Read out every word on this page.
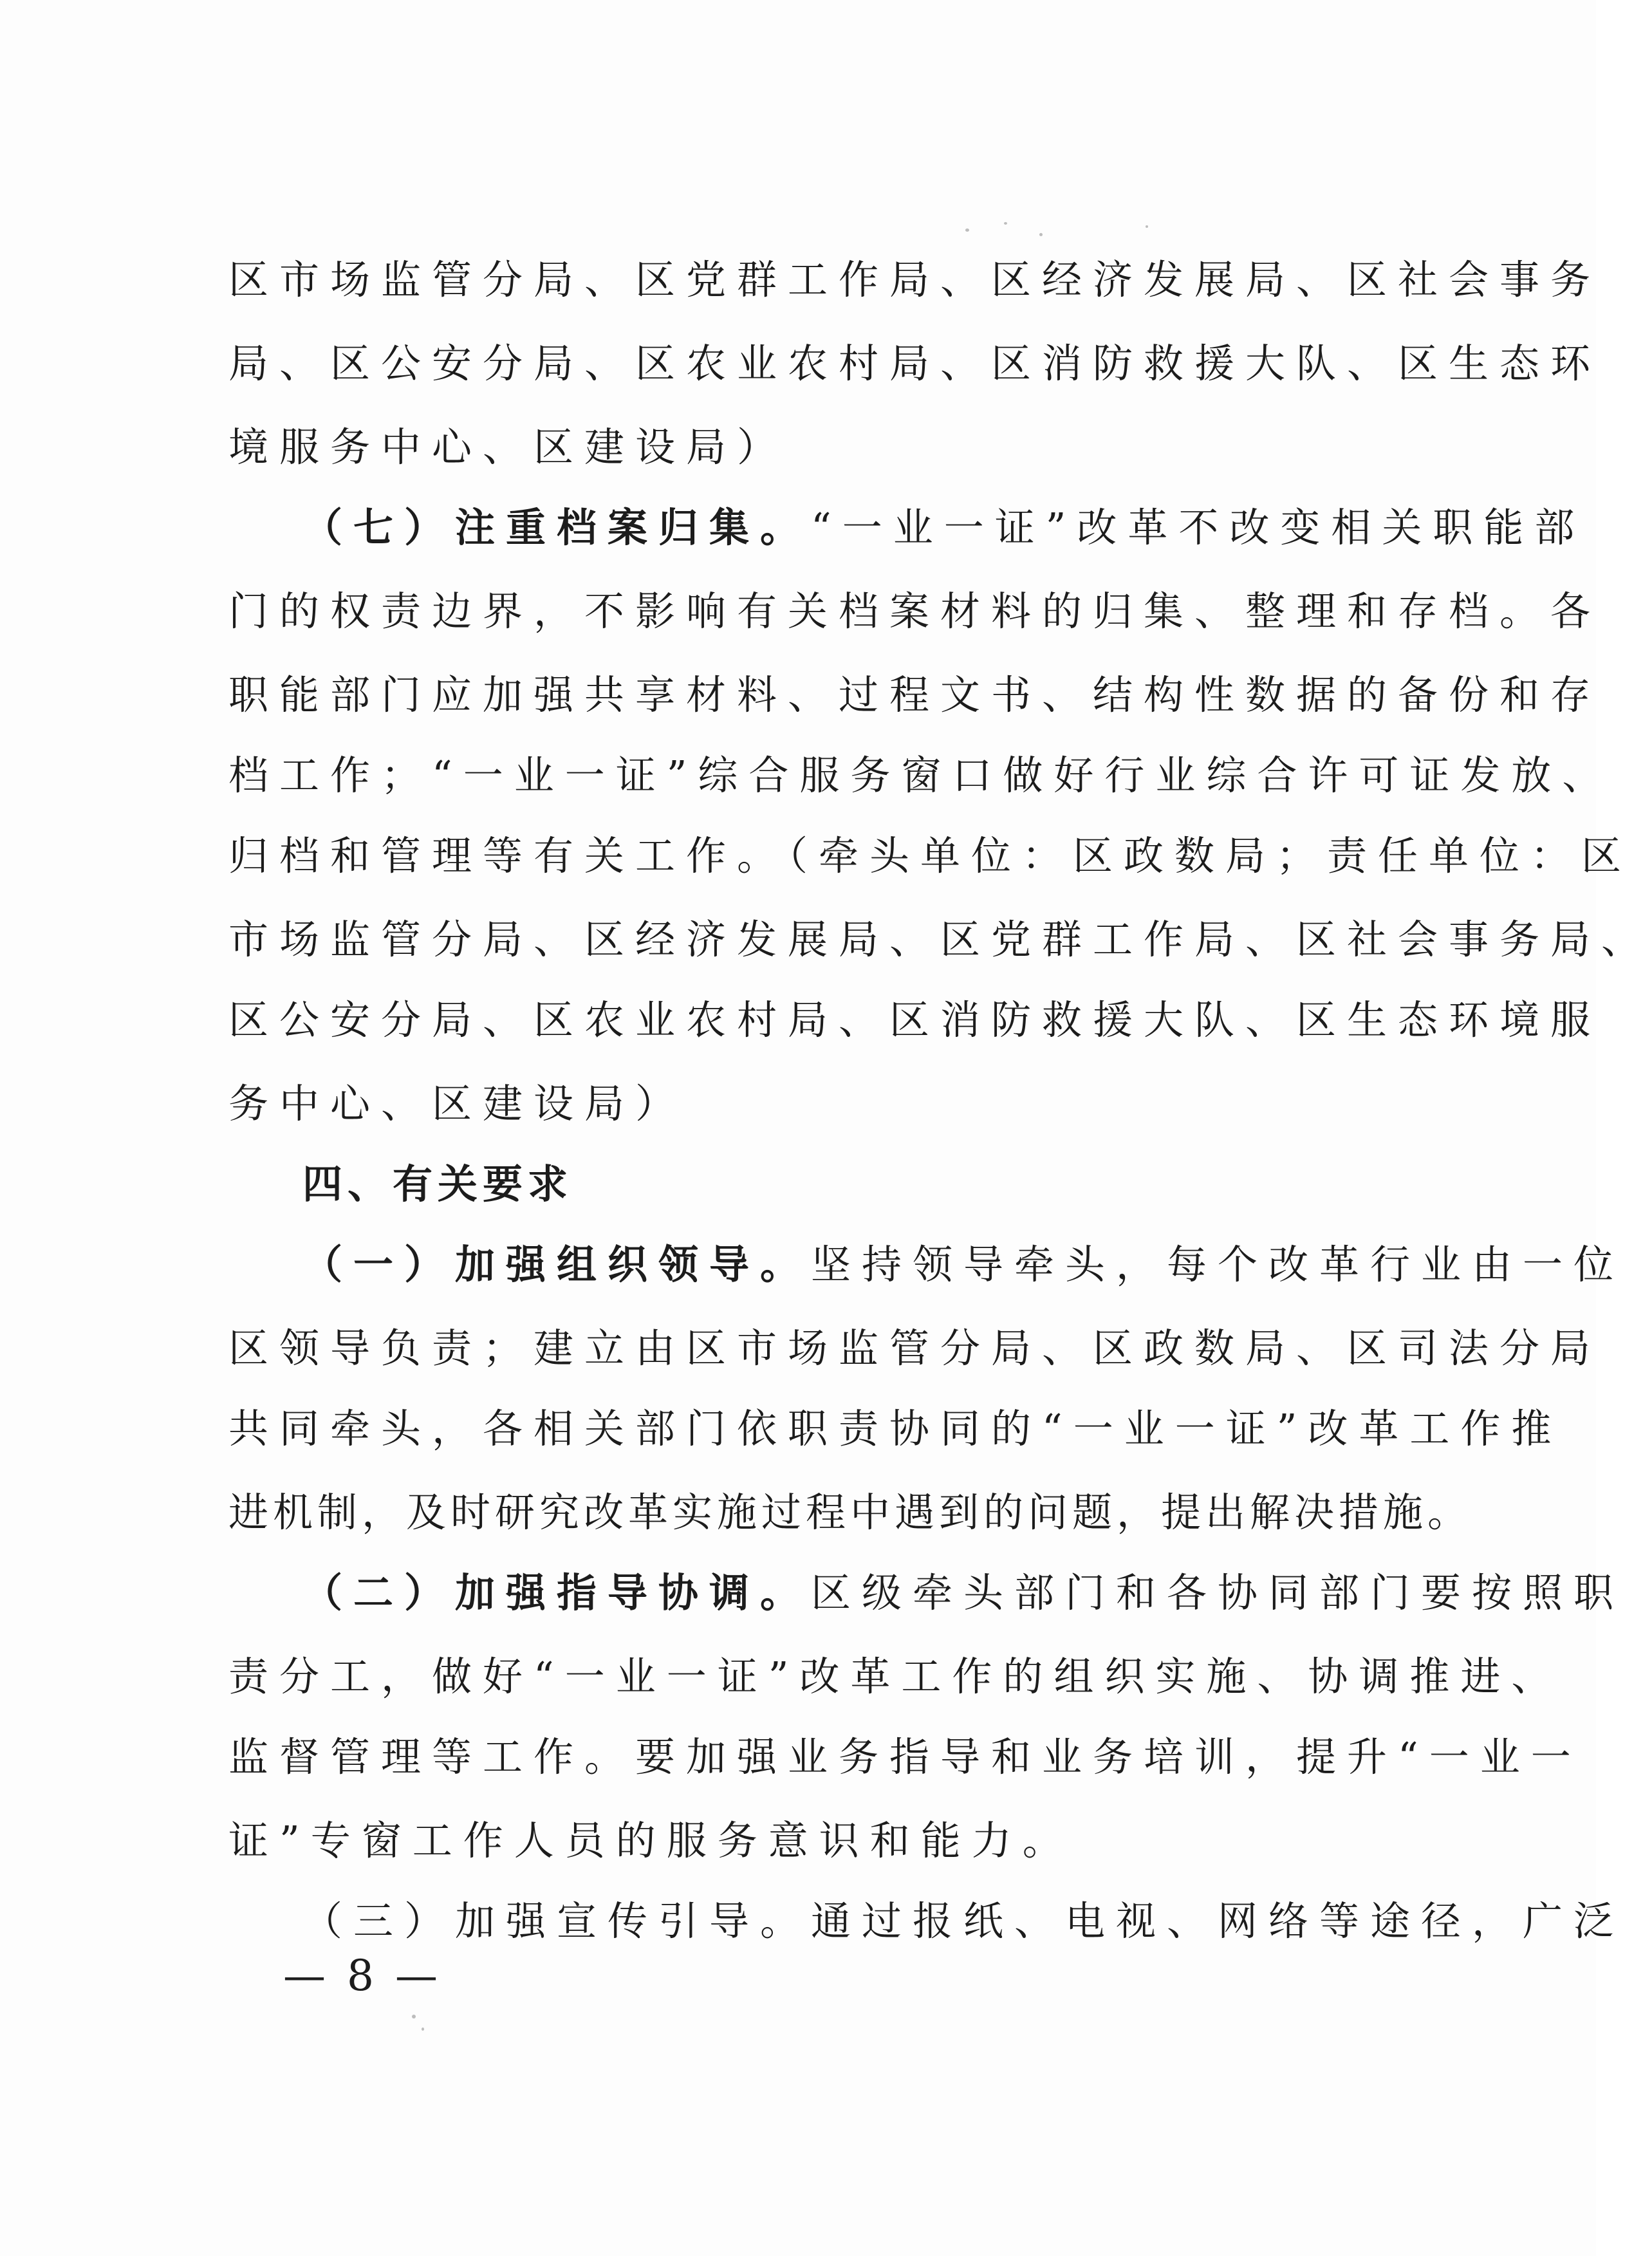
区市场监管分局、区党群工作局、区经济发展局、区社会事务
局、区公安分局、区农业农村局、区消防救援大队、区生态环
境服务中心、区建设局）
（七）注重档案归集。“一业一证”改革不改变相关职能部
门的权责边界，不影响有关档案材料的归集、整理和存档。各
职能部门应加强共享材料、过程文书、结构性数据的备份和存
档工作；“一业一证”综合服务窗口做好行业综合许可证发放、
归档和管理等有关工作。（牵头单位：区政数局；责任单位：区
市场监管分局、区经济发展局、区党群工作局、区社会事务局、
区公安分局、区农业农村局、区消防救援大队、区生态环境服
务中心、区建设局）
四、有关要求
（一）加强组织领导。坚持领导牵头，每个改革行业由一位
区领导负责；建立由区市场监管分局、区政数局、区司法分局
共同牵头，各相关部门依职责协同的“一业一证”改革工作推
进机制，及时研究改革实施过程中遇到的问题，提出解决措施。
（二）加强指导协调。区级牵头部门和各协同部门要按照职
责分工，做好“一业一证”改革工作的组织实施、协调推进、
监督管理等工作。要加强业务指导和业务培训，提升“一业一
证”专窗工作人员的服务意识和能力。
（三）加强宣传引导。通过报纸、电视、网络等途径，广泛
— 8 —
